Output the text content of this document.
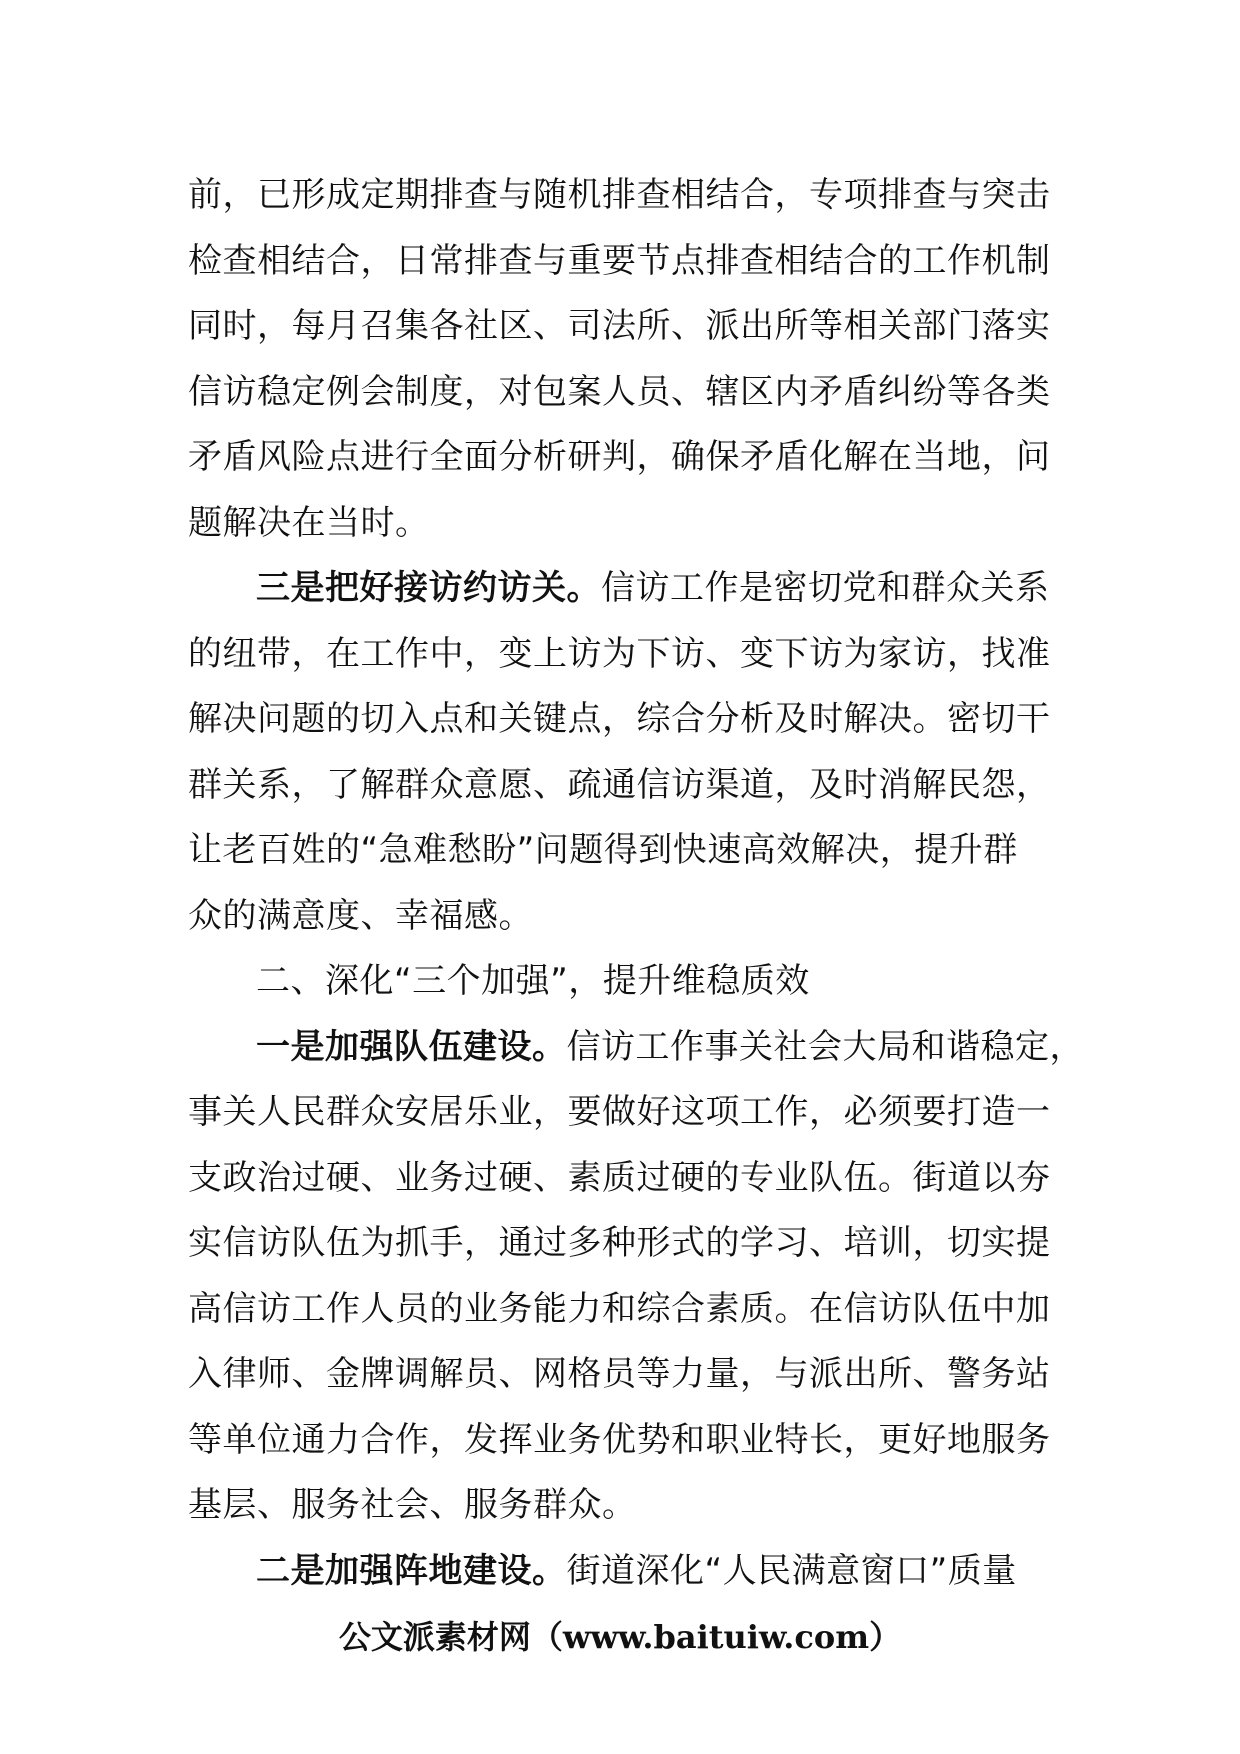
前，已形成定期排查与随机排查相结合，专项排查与突击
检查相结合，日常排查与重要节点排查相结合的工作机制
同时，每月召集各社区、司法所、派出所等相关部门落实
信访稳定例会制度，对包案人员、辖区内矛盾纠纷等各类
矛盾风险点进行全面分析研判，确保矛盾化解在当地，问
题解决在当时。
三是把好接访约访关。信访工作是密切党和群众关系
的纽带，在工作中，变上访为下访、变下访为家访，找准
解决问题的切入点和关键点，综合分析及时解决。密切干
群关系，了解群众意愿、疏通信访渠道，及时消解民怨，
让老百姓的“急难愁盼”问题得到快速高效解决，提升群
众的满意度、幸福感。
二、深化“三个加强”，提升维稳质效
一是加强队伍建设。信访工作事关社会大局和谐稳定，
事关人民群众安居乐业，要做好这项工作，必须要打造一
支政治过硬、业务过硬、素质过硬的专业队伍。街道以夯
实信访队伍为抓手，通过多种形式的学习、培训，切实提
高信访工作人员的业务能力和综合素质。在信访队伍中加
入律师、金牌调解员、网格员等力量，与派出所、警务站
等单位通力合作，发挥业务优势和职业特长，更好地服务
基层、服务社会、服务群众。
二是加强阵地建设。街道深化“人民满意窗口”质量
公文派素材网（www.baituiw.com）
